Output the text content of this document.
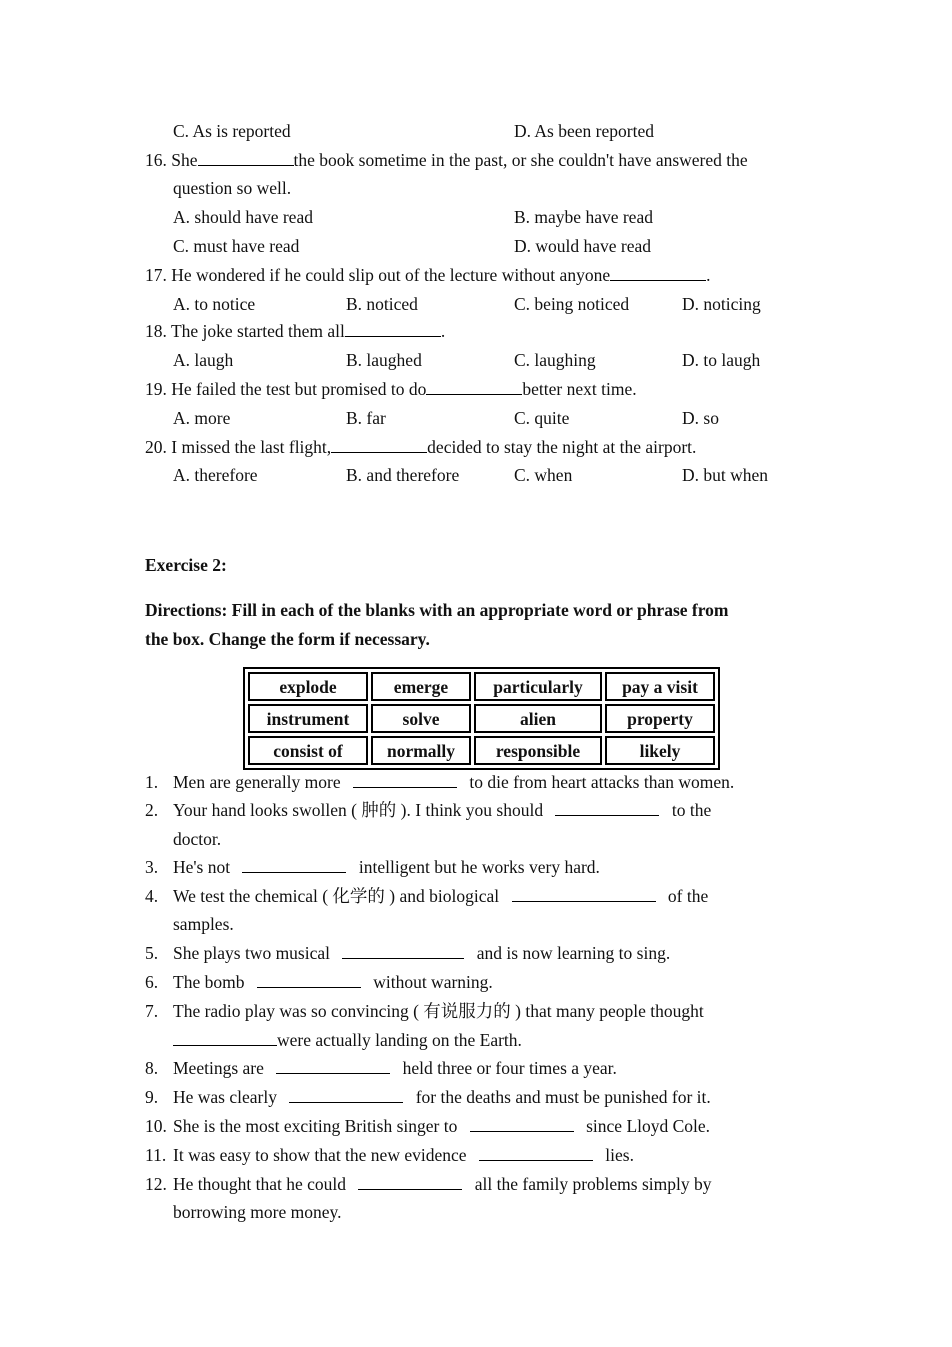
C. As is reported	D. As been reported
16. She	the book sometime in the past, or she couldn't have answered the
question so well.
A. should have read	B. maybe have read
C. must have read	D. would have read
17. He wondered if he could slip out of the lecture without anyone	.
A. to notice	B. noticed	C. being noticed	D. noticing
18. The joke started them all	.
A. laugh	B. laughed	C. laughing	D. to laugh
19. He failed the test but promised to do	better next time.
A. more	B. far	C. quite	D. so
20. I missed the last flight,	decided to stay the night at the airport.
A. therefore	B. and therefore	C. when	D. but when
Exercise 2:
Directions: Fill in each of the blanks with an appropriate word or phrase from
the box. Change the form if necessary.
explode	emerge	particularly	pay a visit
instrument	solve	alien	property
consist of	normally	responsible	likely
1. Men are generally more	to die from heart attacks than women.
2. Your hand looks swollen ( 肿的 ). I think you should	to the
doctor.
3. He's not	intelligent but he works very hard.
4. We test the chemical ( 化学的 ) and biological	of the
samples.
5. She plays two musical	and is now learning to sing.
6. The bomb	without warning.
7. The radio play was so convincing ( 有说服力的 ) that many people thought
were actually landing on the Earth.
8. Meetings are	held three or four times a year.
9. He was clearly	for the deaths and must be punished for it.
10. She is the most exciting British singer to	since Lloyd Cole.
11. It was easy to show that the new evidence	lies.
12. He thought that he could	all the family problems simply by
borrowing more money.
